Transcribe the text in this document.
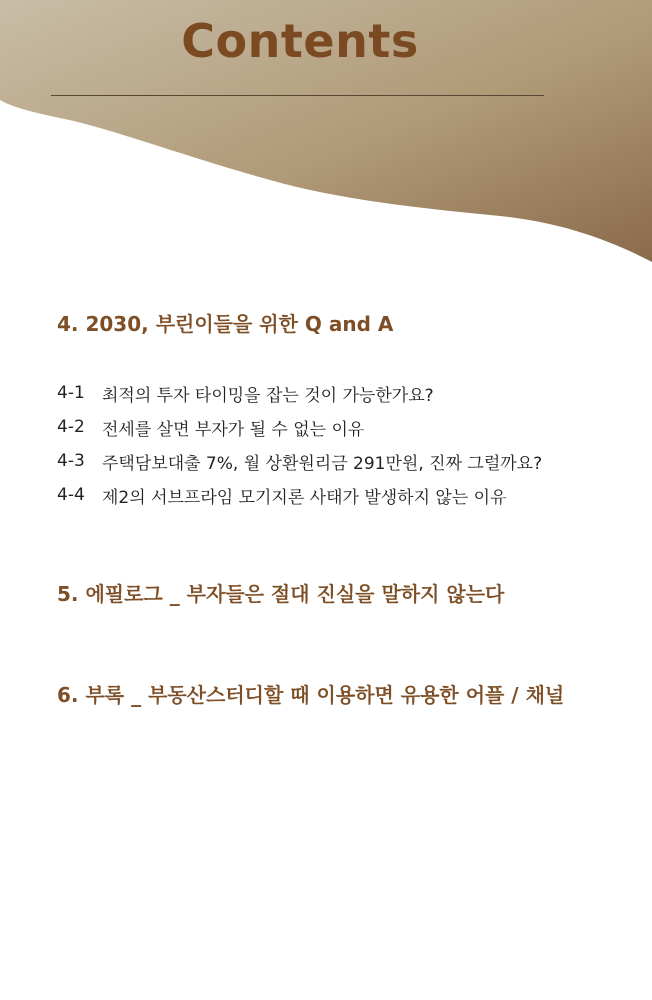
Contents
4. 2030, 부린이들을 위한 Q and A
4-1	최적의 투자 타이밍을 잡는 것이 가능한가요?
4-2	전세를 살면 부자가 될 수 없는 이유
4-3	주택담보대출 7%, 월 상환원리금 291만원, 진짜 그럴까요?
4-4	제2의 서브프라임 모기지론 사태가 발생하지 않는 이유
5. 에필로그 _ 부자들은 절대 진실을 말하지 않는다
6. 부록 _ 부동산스터디할 때 이용하면 유용한 어플 / 채널
